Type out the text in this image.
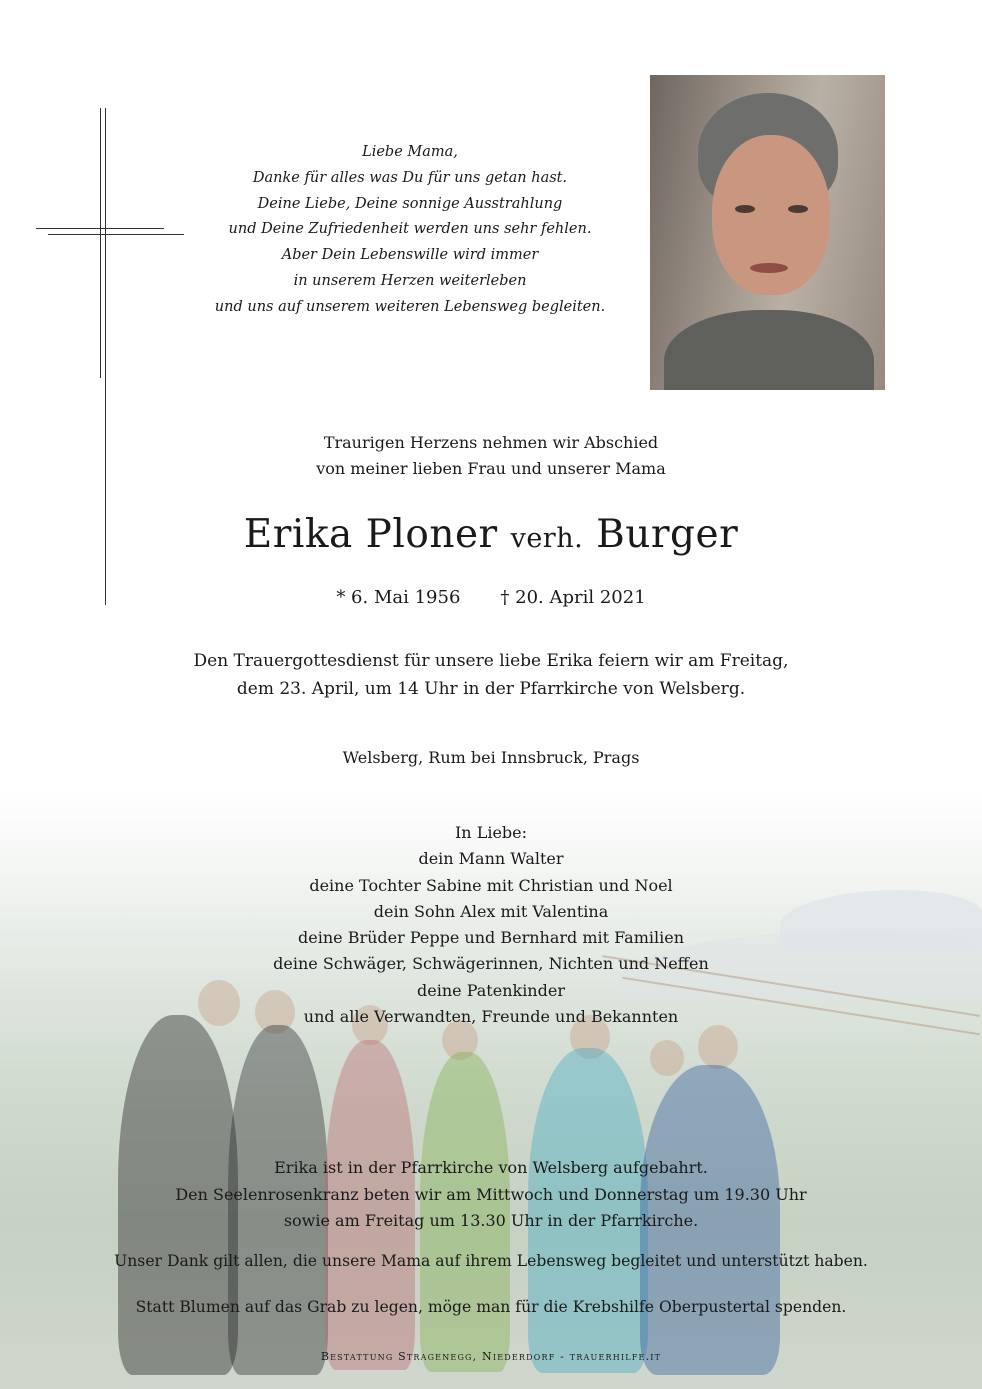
Liebe Mama,
Danke für alles was Du für uns getan hast.
Deine Liebe, Deine sonnige Ausstrahlung
und Deine Zufriedenheit werden uns sehr fehlen.
Aber Dein Lebenswille wird immer
in unserem Herzen weiterleben
und uns auf unserem weiteren Lebensweg begleiten.
Traurigen Herzens nehmen wir Abschied
von meiner lieben Frau und unserer Mama
Erika Ploner verh. Burger
* 6. Mai 1956 † 20. April 2021
Den Trauergottesdienst für unsere liebe Erika feiern wir am Freitag,
dem 23. April, um 14 Uhr in der Pfarrkirche von Welsberg.
Welsberg, Rum bei Innsbruck, Prags
In Liebe:
dein Mann Walter
deine Tochter Sabine mit Christian und Noel
dein Sohn Alex mit Valentina
deine Brüder Peppe und Bernhard mit Familien
deine Schwäger, Schwägerinnen, Nichten und Neffen
deine Patenkinder
und alle Verwandten, Freunde und Bekannten
Erika ist in der Pfarrkirche von Welsberg aufgebahrt.
Den Seelenrosenkranz beten wir am Mittwoch und Donnerstag um 19.30 Uhr
sowie am Freitag um 13.30 Uhr in der Pfarrkirche.
Unser Dank gilt allen, die unsere Mama auf ihrem Lebensweg begleitet und unterstützt haben.
Statt Blumen auf das Grab zu legen, möge man für die Krebshilfe Oberpustertal spenden.
Bestattung Stragenegg, Niederdorf - trauerhilfe.it
